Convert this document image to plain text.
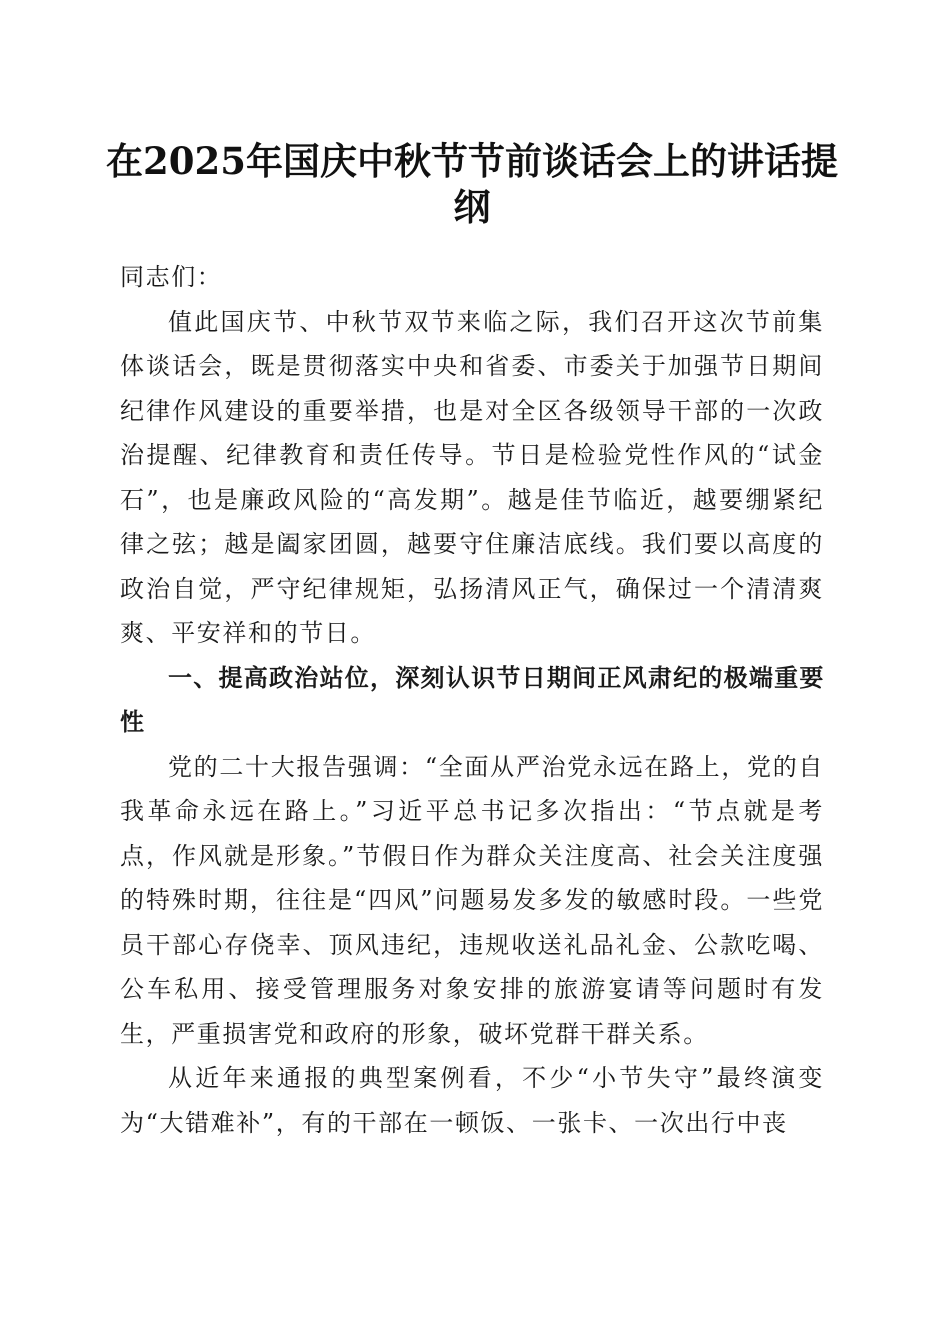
在2025年国庆中秋节节前谈话会上的讲话提纲

同志们：

值此国庆节、中秋节双节来临之际，我们召开这次节前集体谈话会，既是贯彻落实中央和省委、市委关于加强节日期间纪律作风建设的重要举措，也是对全区各级领导干部的一次政治提醒、纪律教育和责任传导。节日是检验党性作风的“试金石”，也是廉政风险的“高发期”。越是佳节临近，越要绷紧纪律之弦；越是阖家团圆，越要守住廉洁底线。我们要以高度的政治自觉，严守纪律规矩，弘扬清风正气，确保过一个清清爽爽、平安祥和的节日。

一、提高政治站位，深刻认识节日期间正风肃纪的极端重要性

党的二十大报告强调：“全面从严治党永远在路上，党的自我革命永远在路上。”习近平总书记多次指出：“节点就是考点，作风就是形象。”节假日作为群众关注度高、社会关注度强的特殊时期，往往是“四风”问题易发多发的敏感时段。一些党员干部心存侥幸、顶风违纪，违规收送礼品礼金、公款吃喝、公车私用、接受管理服务对象安排的旅游宴请等问题时有发生，严重损害党和政府的形象，破坏党群干群关系。

从近年来通报的典型案例看，不少“小节失守”最终演变为“大错难补”，有的干部在一顿饭、一张卡、一次出行中丧
